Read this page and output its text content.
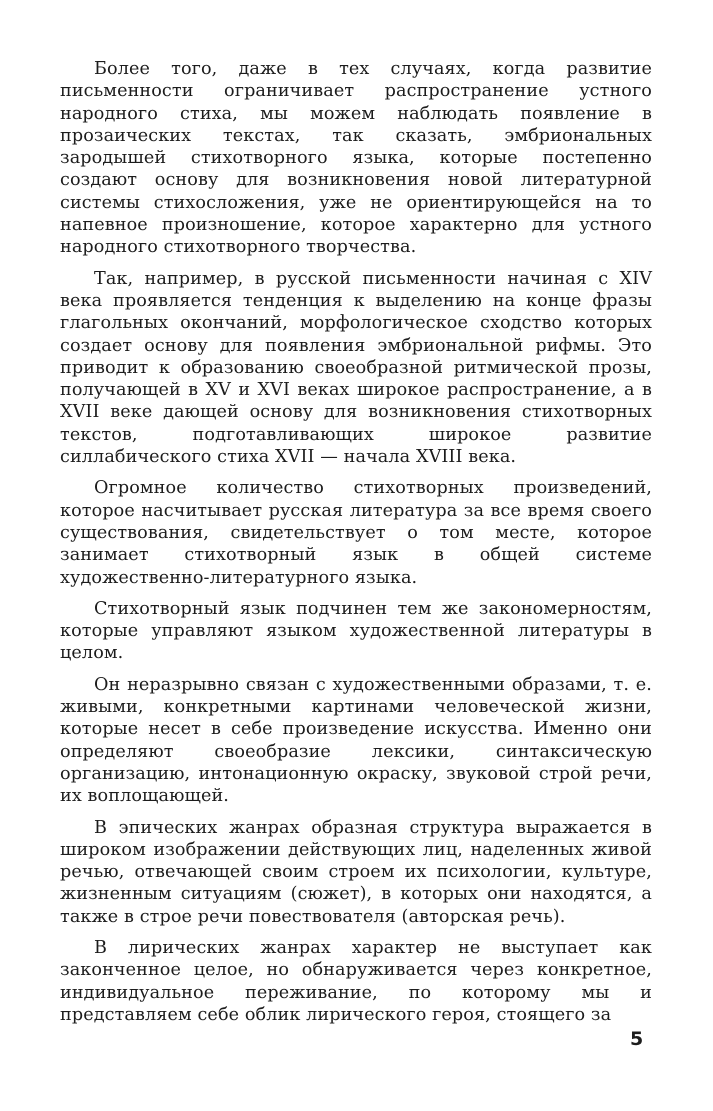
Более того, даже в тех случаях, когда развитие письменности ограничивает распространение устного народного стиха, мы можем наблюдать появление в прозаических текстах, так сказать, эмбриональных зародышей стихотворного языка, которые постепенно создают основу для возникновения новой литературной системы стихосложения, уже не ориентирующейся на то напевное произношение, которое характерно для устного народного стихотворного творчества.

Так, например, в русской письменности начиная с XIV века проявляется тенденция к выделению на конце фразы глагольных окончаний, морфологическое сходство которых создает основу для появления эмбриональной рифмы. Это приводит к образованию своеобразной ритмической прозы, получающей в XV и XVI веках широкое распространение, а в XVII веке дающей основу для возникновения стихотворных текстов, подготавливающих широкое развитие силлабического стиха XVII — начала XVIII века.

Огромное количество стихотворных произведений, которое насчитывает русская литература за все время своего существования, свидетельствует о том месте, которое занимает стихотворный язык в общей системе художественно-литературного языка.

Стихотворный язык подчинен тем же закономерностям, которые управляют языком художественной литературы в целом.

Он неразрывно связан с художественными образами, т. е. живыми, конкретными картинами человеческой жизни, которые несет в себе произведение искусства. Именно они определяют своеобразие лексики, синтаксическую организацию, интонационную окраску, звуковой строй речи, их воплощающей.

В эпических жанрах образная структура выражается в широком изображении действующих лиц, наделенных живой речью, отвечающей своим строем их психологии, культуре, жизненным ситуациям (сюжет), в которых они находятся, а также в строе речи повествователя (авторская речь).

В лирических жанрах характер не выступает как законченное целое, но обнаруживается через конкретное, индивидуальное переживание, по которому мы и представляем себе облик лирического героя, стоящего за

5
